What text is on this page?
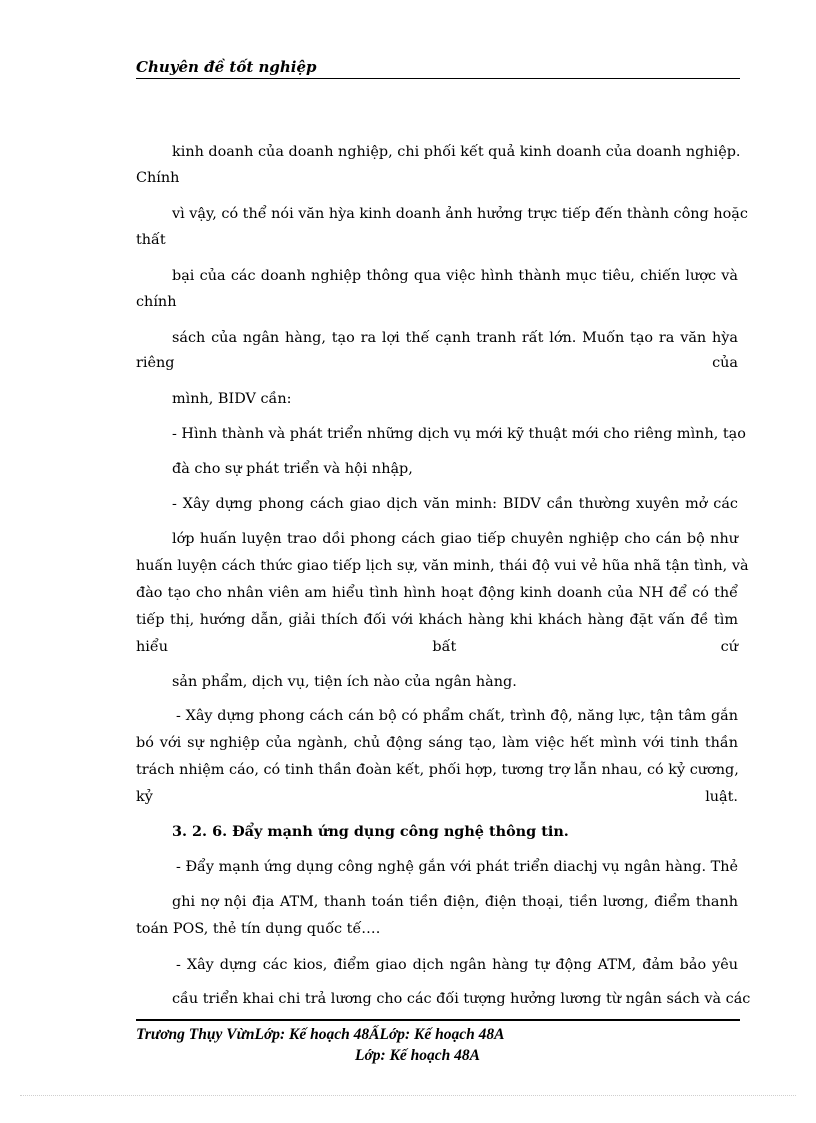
Chuyên đề tốt nghiệp
kinh doanh của doanh nghiệp, chi phối kết quả kinh doanh của doanh nghiệp.
Chính
vì vậy, có thể nói văn hỳa kinh doanh ảnh hưởng trực tiếp đến thành công hoặc
thất
bại của các doanh nghiệp thông qua việc hình thành mục tiêu, chiến lược và
chính
sách của ngân hàng, tạo ra lợi thế cạnh tranh rất lớn. Muốn tạo ra văn hỳa
riêng	của
mình, BIDV cần:
- Hình thành và phát triển những dịch vụ mới kỹ thuật mới cho riêng mình, tạo
đà cho sự phát triển và hội nhập,
- Xây dựng phong cách giao dịch văn minh: BIDV cần thường xuyên mở các
lớp huấn luyện trao dồi phong cách giao tiếp chuyên nghiệp cho cán bộ như
huấn luyện cách thức giao tiếp lịch sự, văn minh, thái độ vui vẻ hũa nhã tận tình, và
đào tạo cho nhân viên am hiểu tình hình hoạt động kinh doanh của NH để có thể
tiếp thị, hướng dẫn, giải thích đối với khách hàng khi khách hàng đặt vấn đề tìm
hiểu	bất	cứ
sản phẩm, dịch vụ, tiện ích nào của ngân hàng.
- Xây dựng phong cách cán bộ có phẩm chất, trình độ, năng lực, tận tâm gắn
bó với sự nghiệp của ngành, chủ động sáng tạo, làm việc hết mình với tinh thần
trách nhiệm cáo, có tinh thần đoàn kết, phối hợp, tương trợ lẫn nhau, có kỷ cương,
kỷ	luật.
3. 2. 6. Đẩy mạnh ứng dụng công nghệ thông tin.
- Đẩy mạnh ứng dụng công nghệ gắn với phát triển diachj vụ ngân hàng. Thẻ
ghi nợ nội địa ATM, thanh toán tiền điện, điện thoại, tiền lương, điểm thanh
toán POS, thẻ tín dụng quốc tế….
- Xây dựng các kios, điểm giao dịch ngân hàng tự động ATM, đảm bảo yêu
cầu triển khai chi trả lương cho các đối tượng hưởng lương từ ngân sách và các
Trương Thụy VừnLớp: Kế hoạch 48ẤLớp: Kế hoạch 48A
Lớp: Kế hoạch 48A
